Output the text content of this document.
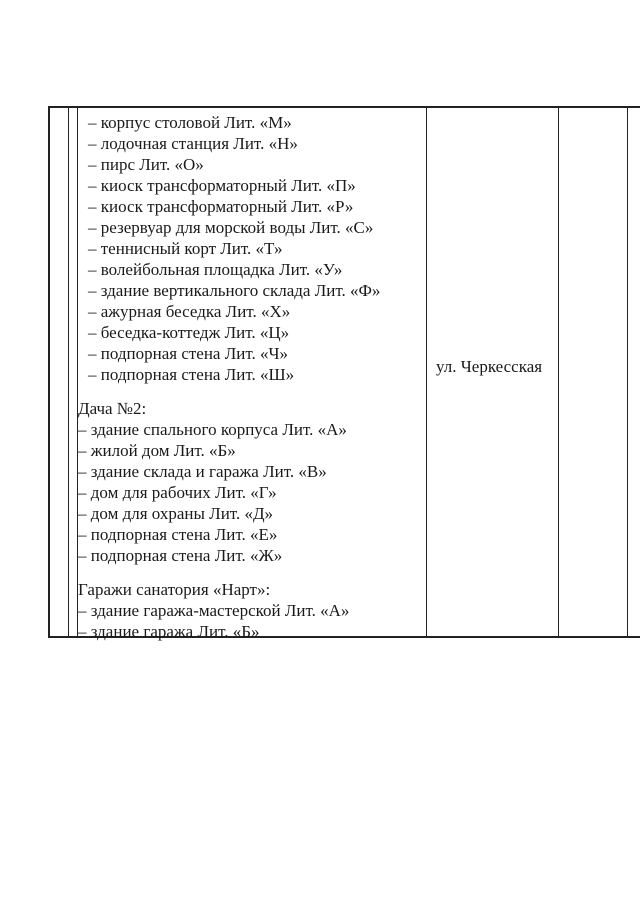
– корпус столовой Лит. «М»
– лодочная станция Лит. «Н»
– пирс Лит. «О»
– киоск трансформаторный Лит. «П»
– киоск трансформаторный Лит. «Р»
– резервуар для морской воды Лит. «С»
– теннисный корт Лит. «Т»
– волейбольная площадка Лит. «У»
– здание вертикального склада Лит. «Ф»
– ажурная беседка Лит. «Х»
– беседка-коттедж Лит. «Ц»
– подпорная стена Лит. «Ч»
– подпорная стена Лит. «Ш»
Дача №2:
– здание спального корпуса Лит. «А»
– жилой дом Лит. «Б»
– здание склада и гаража Лит. «В»
– дом для рабочих Лит. «Г»
– дом для охраны Лит. «Д»
– подпорная стена Лит. «Е»
– подпорная стена Лит. «Ж»
Гаражи санатория «Нарт»:
– здание гаража-мастерской Лит. «А»
– здание гаража Лит. «Б»
ул. Черкесская
